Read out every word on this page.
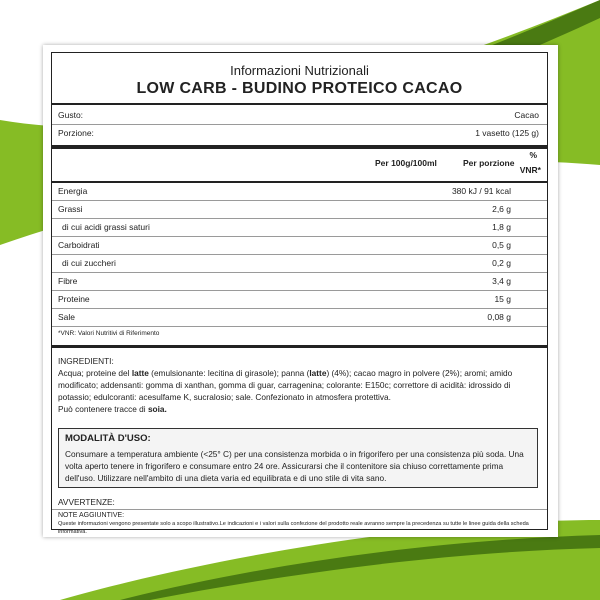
Informazioni Nutrizionali
LOW CARB - BUDINO PROTEICO CACAO
Gusto:	Cacao
Porzione:	1 vasetto (125 g)
Per 100g/100ml	Per porzione
%
VNR*
Energia	380 kJ / 91 kcal
Grassi	2,6 g
di cui acidi grassi saturi	1,8 g
Carboidrati	0,5 g
di cui zuccheri	0,2 g
Fibre	3,4 g
Proteine	15 g
Sale	0,08 g
*VNR: Valori Nutritivi di Riferimento
INGREDIENTI:
Acqua; proteine del latte (emulsionante: lecitina di girasole); panna (latte) (4%); cacao magro in polvere (2%); aromi; amido modificato; addensanti: gomma di xanthan, gomma di guar, carragenina; colorante: E150c; correttore di acidità: idrossido di potassio; edulcoranti: acesulfame K, sucralosio; sale. Confezionato in atmosfera protettiva.
Può contenere tracce di soia.
MODALITÀ D'USO:
Consumare a temperatura ambiente (<25° C) per una consistenza morbida o in frigorifero per una consistenza più soda. Una volta aperto tenere in frigorifero e consumare entro 24 ore. Assicurarsi che il contenitore sia chiuso correttamente prima dell'uso. Utilizzare nell'ambito di una dieta varia ed equilibrata e di uno stile di vita sano.
AVVERTENZE:
NOTE AGGIUNTIVE:
Queste informazioni vengono presentate solo a scopo illustrativo.Le indicazioni e i valori sulla confezione del prodotto reale avranno sempre la precedenza su tutte le linee guida della scheda informativa.
